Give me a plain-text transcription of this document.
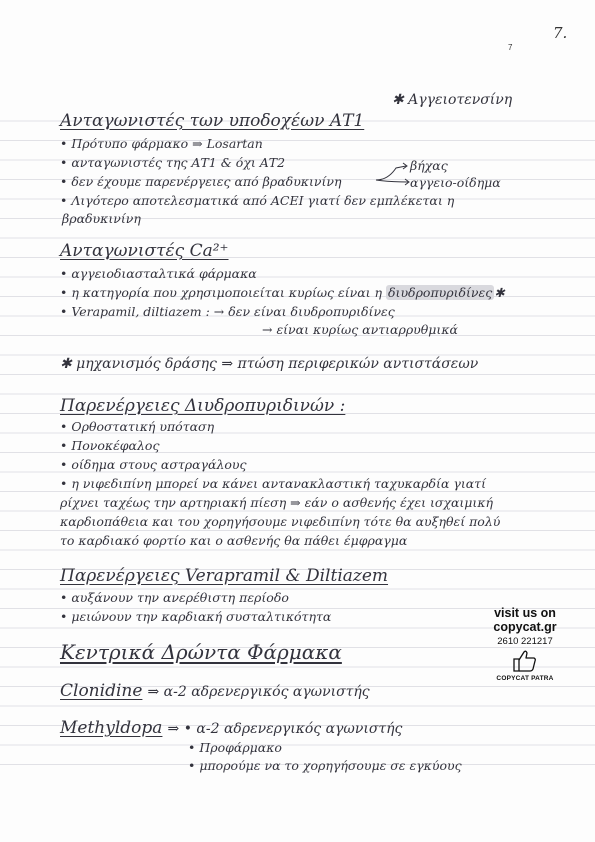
7.
7
✱ Αγγειοτενσίνη
Ανταγωνιστές των υποδοχέων ΑΤ1
• Πρότυπο φάρμακο ⇒ Losartan
• ανταγωνιστές της ΑΤ1 & όχι ΑΤ2
• δεν έχουμε παρενέργειες από βραδυκινίνη
βήχας
αγγειο-οίδημα
• Λιγότερο αποτελεσματικά από ACEI γιατί δεν εμπλέκεται η
βραδυκινίνη
Ανταγωνιστές Ca²⁺
• αγγειοδιασταλτικά φάρμακα
• η κατηγορία που χρησιμοποιείται κυρίως είναι η διυδροπυριδίνες ✱
• Verapamil, diltiazem : → δεν είναι διυδροπυριδίνες
→ είναι κυρίως αντιαρρυθμικά
✱ μηχανισμός δράσης ⇒ πτώση περιφερικών αντιστάσεων
Παρενέργειες Διυδροπυριδινών :
• Ορθοστατική υπόταση
• Πονοκέφαλος
• οίδημα στους αστραγάλους
• η νιφεδιπίνη μπορεί να κάνει αντανακλαστική ταχυκαρδία γιατί
ρίχνει ταχέως την αρτηριακή πίεση ⇒ εάν ο ασθενής έχει ισχαιμική
καρδιοπάθεια και του χορηγήσουμε νιφεδιπίνη τότε θα αυξηθεί πολύ
το καρδιακό φορτίο και ο ασθενής θα πάθει έμφραγμα
Παρενέργειες Verapramil & Diltiazem
• αυξάνουν την ανερέθιστη περίοδο
• μειώνουν την καρδιακή συσταλτικότητα
Κεντρικά Δρώντα Φάρμακα
Clonidine ⇒ α-2 αδρενεργικός αγωνιστής
Methyldopa ⇒ • α-2 αδρενεργικός αγωνιστής
• Προφάρμακο
• μπορούμε να το χορηγήσουμε σε εγκύους
visit us on
copycat.gr
2610 221217
COPYCAT PATRA
